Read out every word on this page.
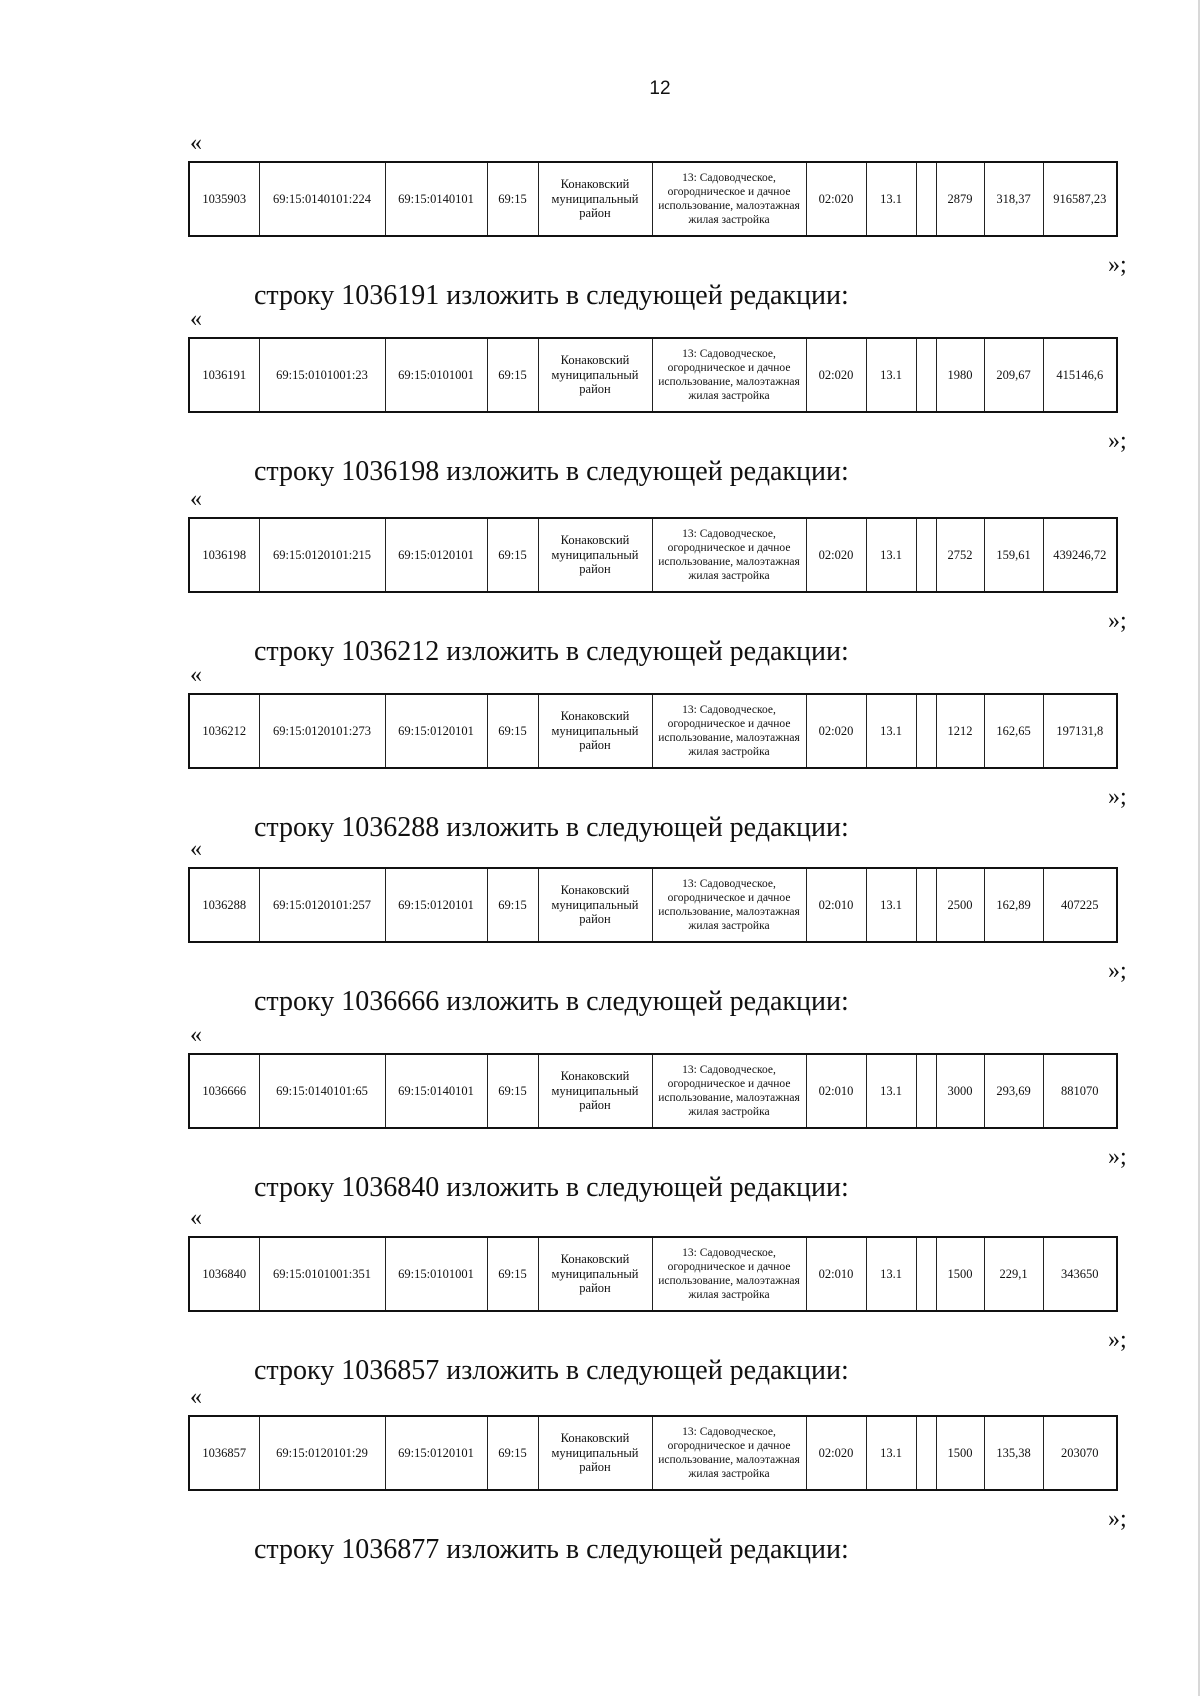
12
«
1035903	69:15:0140101:224	69:15:0140101	69:15	Конаковский муниципальный район	13: Садоводческое, огородническое и дачное использование, малоэтажная жилая застройка	02:020	13.1		2879	318,37	916587,23
»;
строку 1036191 изложить в следующей редакции:
«
1036191	69:15:0101001:23	69:15:0101001	69:15	Конаковский муниципальный район	13: Садоводческое, огородническое и дачное использование, малоэтажная жилая застройка	02:020	13.1		1980	209,67	415146,6
»;
строку 1036198 изложить в следующей редакции:
«
1036198	69:15:0120101:215	69:15:0120101	69:15	Конаковский муниципальный район	13: Садоводческое, огородническое и дачное использование, малоэтажная жилая застройка	02:020	13.1		2752	159,61	439246,72
»;
строку 1036212 изложить в следующей редакции:
«
1036212	69:15:0120101:273	69:15:0120101	69:15	Конаковский муниципальный район	13: Садоводческое, огородническое и дачное использование, малоэтажная жилая застройка	02:020	13.1		1212	162,65	197131,8
»;
строку 1036288 изложить в следующей редакции:
«
1036288	69:15:0120101:257	69:15:0120101	69:15	Конаковский муниципальный район	13: Садоводческое, огородническое и дачное использование, малоэтажная жилая застройка	02:010	13.1		2500	162,89	407225
»;
строку 1036666 изложить в следующей редакции:
«
1036666	69:15:0140101:65	69:15:0140101	69:15	Конаковский муниципальный район	13: Садоводческое, огородническое и дачное использование, малоэтажная жилая застройка	02:010	13.1		3000	293,69	881070
»;
строку 1036840 изложить в следующей редакции:
«
1036840	69:15:0101001:351	69:15:0101001	69:15	Конаковский муниципальный район	13: Садоводческое, огородническое и дачное использование, малоэтажная жилая застройка	02:010	13.1		1500	229,1	343650
»;
строку 1036857 изложить в следующей редакции:
«
1036857	69:15:0120101:29	69:15:0120101	69:15	Конаковский муниципальный район	13: Садоводческое, огородническое и дачное использование, малоэтажная жилая застройка	02:020	13.1		1500	135,38	203070
»;
строку 1036877 изложить в следующей редакции:
